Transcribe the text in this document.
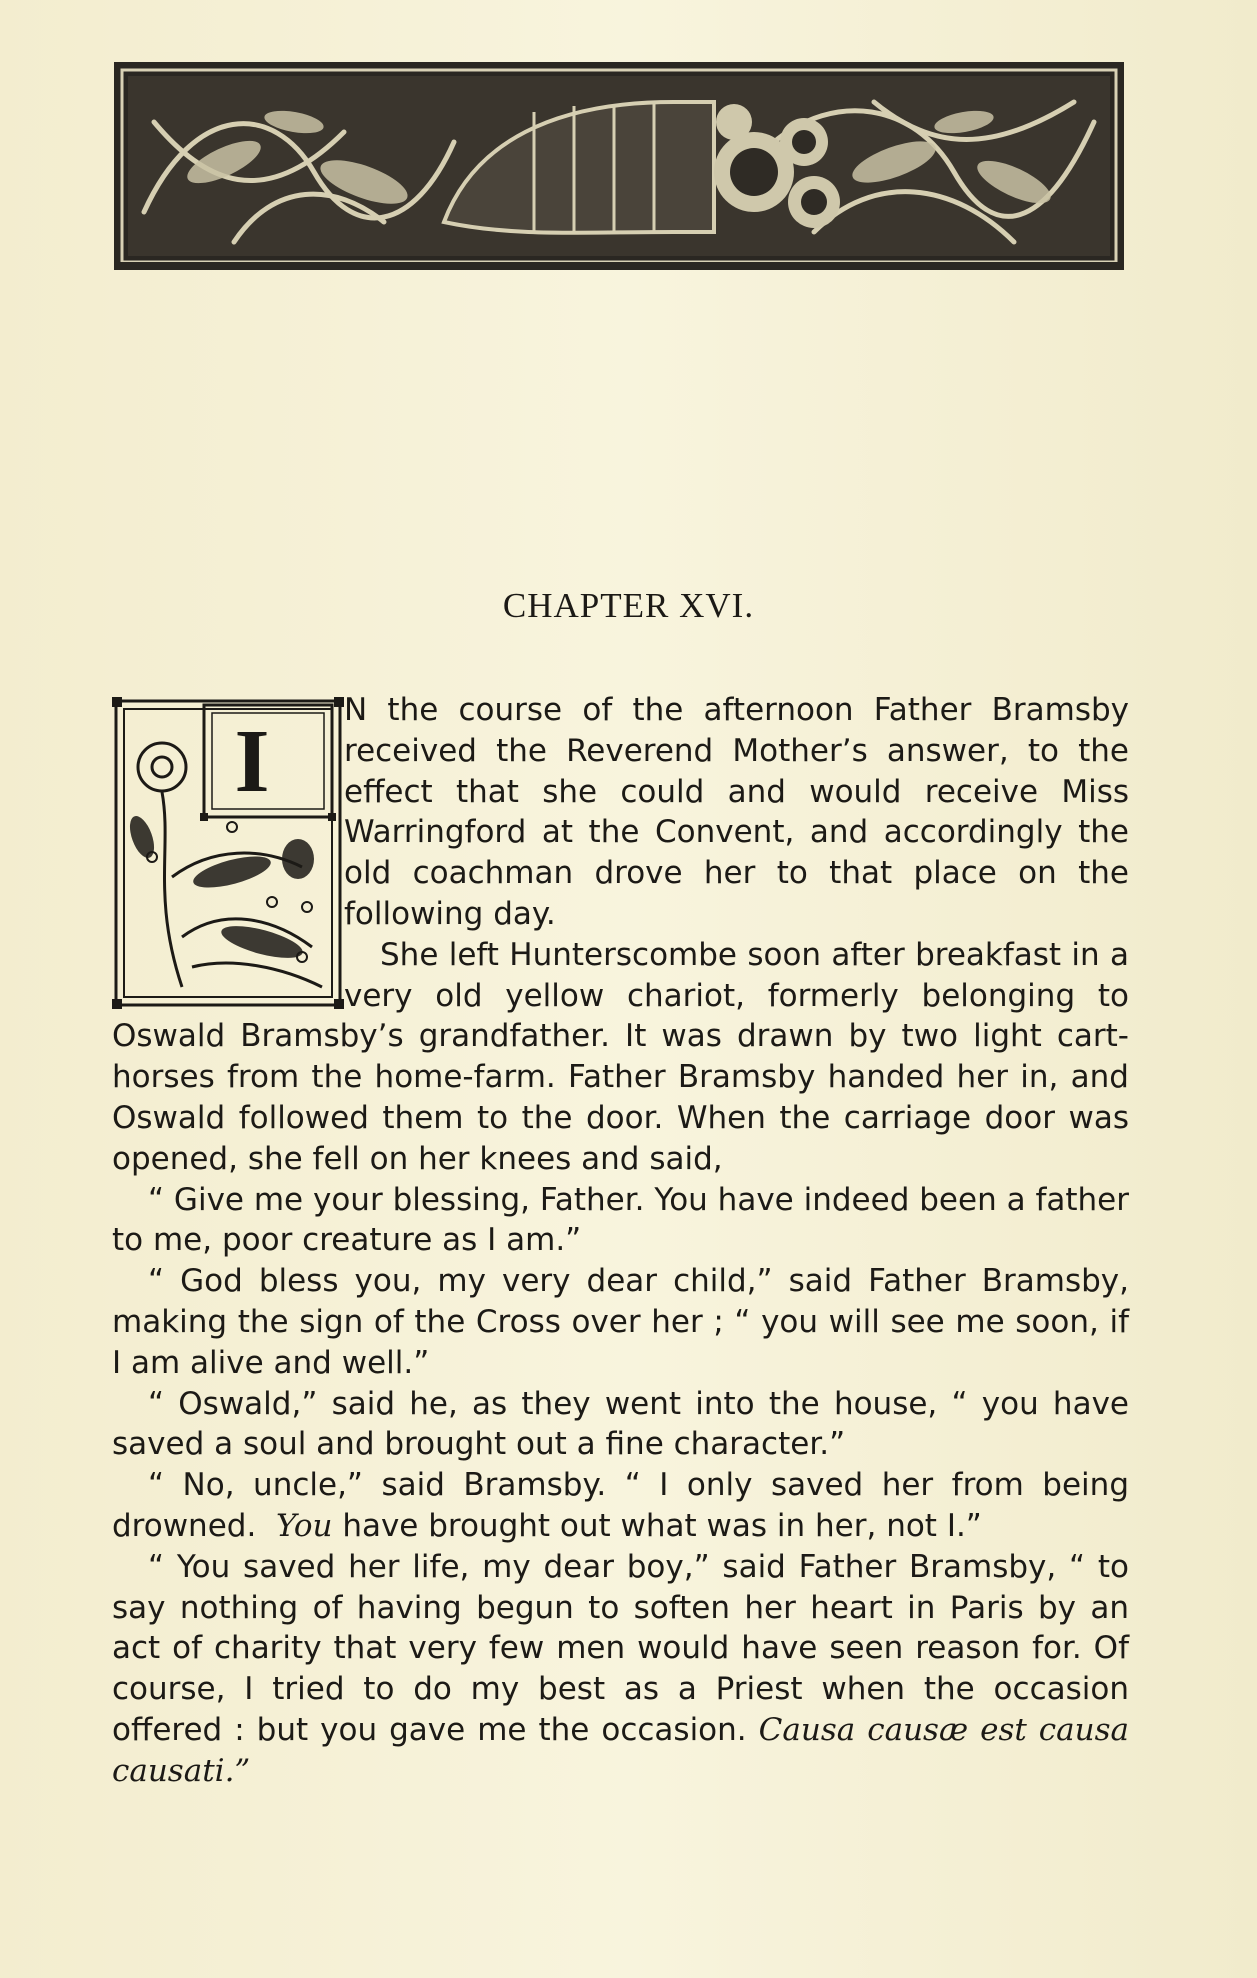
CHAPTER XVI.
I

N the course of the afternoon Father Bramsby received the Reverend Mother’s answer, to the effect that she could and would receive Miss Warringford at the Convent, and accordingly the old coachman drove her to that place on the following day.

She left Hunterscombe soon after breakfast in a very old yellow chariot, formerly belonging to Oswald Bramsby’s grandfather. It was drawn by two light cart-horses from the home-farm. Father Bramsby handed her in, and Oswald followed them to the door. When the carriage door was opened, she fell on her knees and said,

“ Give me your blessing, Father. You have indeed been a father to me, poor creature as I am.”

“ God bless you, my very dear child,” said Father Bramsby, making the sign of the Cross over her ; “ you will see me soon, if I am alive and well.”

“ Oswald,” said he, as they went into the house, “ you have saved a soul and brought out a fine character.”

“ No, uncle,” said Bramsby. “ I only saved her from being drowned. You have brought out what was in her, not I.”

“ You saved her life, my dear boy,” said Father Bramsby, “ to say nothing of having begun to soften her heart in Paris by an act of charity that very few men would have seen reason for. Of course, I tried to do my best as a Priest when the occasion offered : but you gave me the occasion. Causa causæ est causa causati.”
